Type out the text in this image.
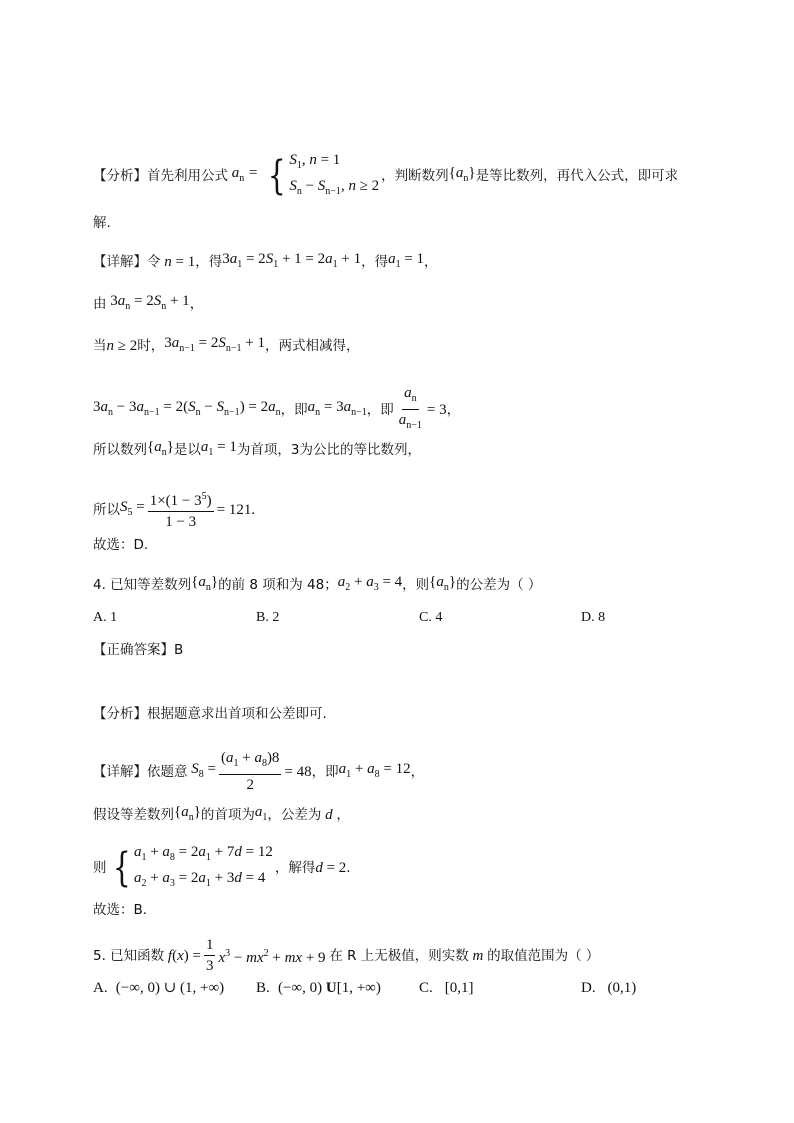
【分析】 首先利用公式 $a_n$ = { $S_1$, n = 1
$S_n - S_{n-1}$, n ≥ 2
，判断数列 $\{a_n\}$ 是等比数列，再代入公式，即可求
解.
【详解】 令 n = 1 ，得 $3a_1 = 2S_1 + 1 = 2a_1 + 1$ ，得 $a_1 = 1$ ，
由 $3a_n = 2S_n + 1$ ，
当 n ≥ 2 时， $3a_{n-1} = 2S_{n-1} + 1$ ，两式相减得，
$3a_n - 3a_{n-1} = 2(S_n - S_{n-1}) = 2a_n$ ，即 $a_n = 3a_{n-1}$ ，即 $\frac{a_n}{a_{n-1}} = 3$ ，
所以数列 $\{a_n\}$ 是以 $a_1 = 1$ 为首项，3为公比的等比数列，
所以 $S_5 = \frac{1\times(1 - 3^5)}{1 - 3} = 121$.
故选：D.
4. 已知等差数列 $\{a_n\}$ 的前 8 项和为 48； $a_2 + a_3 = 4$ ，则 $\{a_n\}$ 的公差为（ ）
A. 1	B. 2	C. 4	D. 8
【正确答案】B
【分析】 根据题意求出首项和公差即可.
【详解】 依题意 $S_8 = \frac{(a_1 + a_8)8}{2} = 48$ ，即 $a_1 + a_8 = 12$ ，
假设等差数列 $\{a_n\}$ 的首项为 $a_1$ ，公差为 d ，
则 { $a_1 + a_8 = 2a_1 + 7d = 12$
$a_2 + a_3 = 2a_1 + 3d = 4$
，解得 d = 2 .
故选：B.
5. 已知函数 $f(x) = \frac{1}{3} x^3 - mx^2$ + mx + 9 在 R 上无极值，则实数 m 的取值范围为（ ）
A.  (−∞, 0) ∪ (1, +∞) B.  (−∞, 0) U[1, +∞)	C.   [0,1]	D.   (0,1)
